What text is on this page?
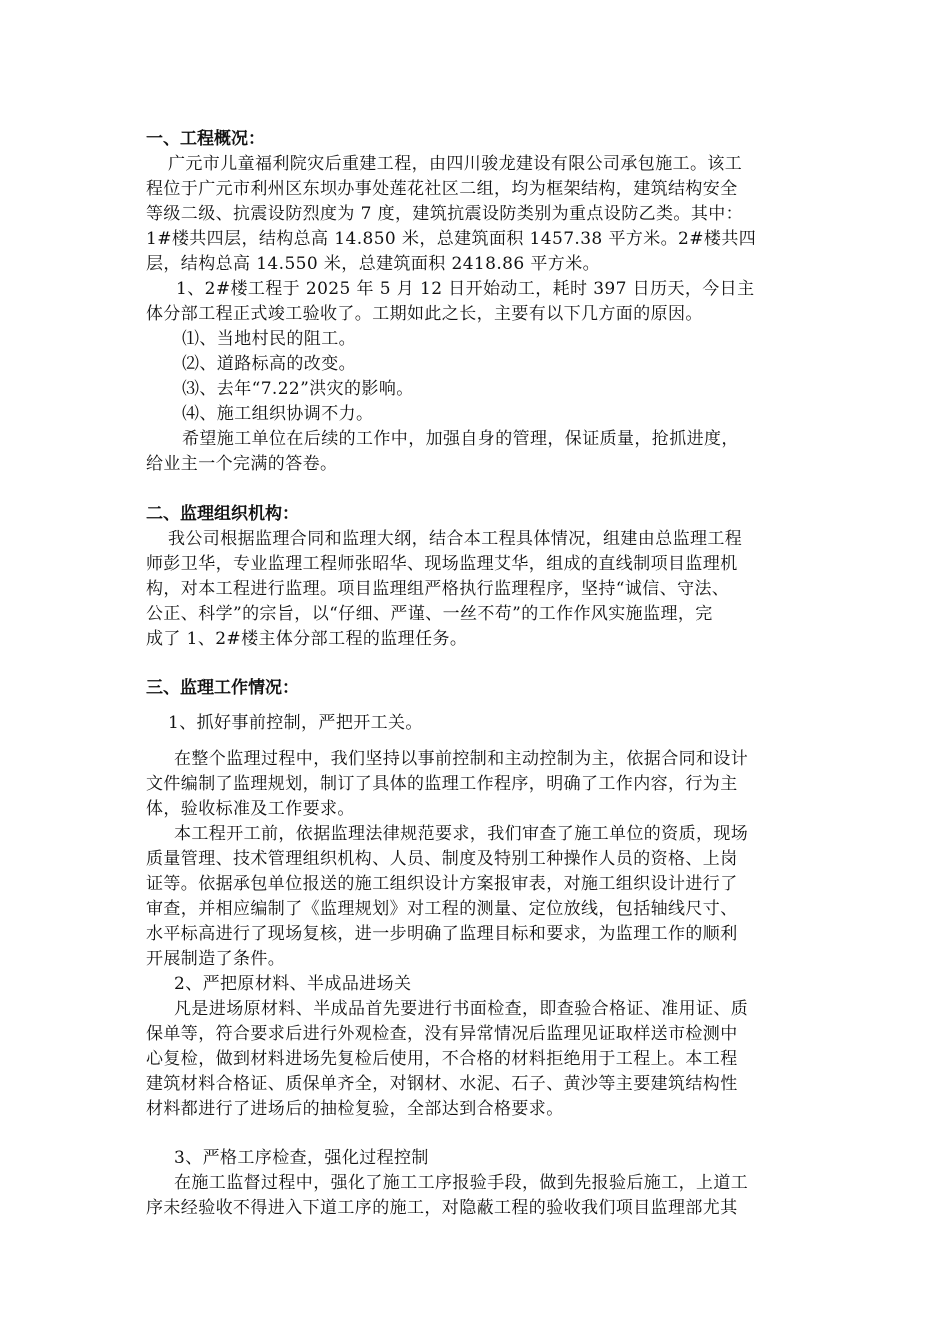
一、工程概况：
广元市儿童福利院灾后重建工程，由四川骏龙建设有限公司承包施工。该工
程位于广元市利州区东坝办事处莲花社区二组，均为框架结构，建筑结构安全
等级二级、抗震设防烈度为 7 度，建筑抗震设防类别为重点设防乙类。其中：
1#楼共四层，结构总高 14.850 米，总建筑面积 1457.38 平方米。2#楼共四
层，结构总高 14.550 米，总建筑面积 2418.86 平方米。
1、2#楼工程于 2025 年 5 月 12 日开始动工，耗时 397 日历天，今日主
体分部工程正式竣工验收了。工期如此之长，主要有以下几方面的原因。
⑴、当地村民的阻工。
⑵、道路标高的改变。
⑶、去年“7.22”洪灾的影响。
⑷、施工组织协调不力。
希望施工单位在后续的工作中，加强自身的管理，保证质量，抢抓进度，
给业主一个完满的答卷。
二、监理组织机构：
我公司根据监理合同和监理大纲，结合本工程具体情况，组建由总监理工程
师彭卫华，专业监理工程师张昭华、现场监理艾华，组成的直线制项目监理机
构，对本工程进行监理。项目监理组严格执行监理程序，坚持“诚信、守法、
公正、科学”的宗旨，以“仔细、严谨、一丝不苟”的工作作风实施监理，完
成了 1、2#楼主体分部工程的监理任务。
三、监理工作情况：
1、抓好事前控制，严把开工关。
在整个监理过程中，我们坚持以事前控制和主动控制为主，依据合同和设计
文件编制了监理规划，制订了具体的监理工作程序，明确了工作内容，行为主
体，验收标准及工作要求。
本工程开工前，依据监理法律规范要求，我们审查了施工单位的资质，现场
质量管理、技术管理组织机构、人员、制度及特别工种操作人员的资格、上岗
证等。依据承包单位报送的施工组织设计方案报审表，对施工组织设计进行了
审查，并相应编制了《监理规划》对工程的测量、定位放线，包括轴线尺寸、
水平标高进行了现场复核，进一步明确了监理目标和要求，为监理工作的顺利
开展制造了条件。
2、严把原材料、半成品进场关
凡是进场原材料、半成品首先要进行书面检查，即查验合格证、准用证、质
保单等，符合要求后进行外观检查，没有异常情况后监理见证取样送市检测中
心复检，做到材料进场先复检后使用，不合格的材料拒绝用于工程上。本工程
建筑材料合格证、质保单齐全，对钢材、水泥、石子、黄沙等主要建筑结构性
材料都进行了进场后的抽检复验，全部达到合格要求。
3、严格工序检查，强化过程控制
在施工监督过程中，强化了施工工序报验手段，做到先报验后施工，上道工
序未经验收不得进入下道工序的施工，对隐蔽工程的验收我们项目监理部尤其
